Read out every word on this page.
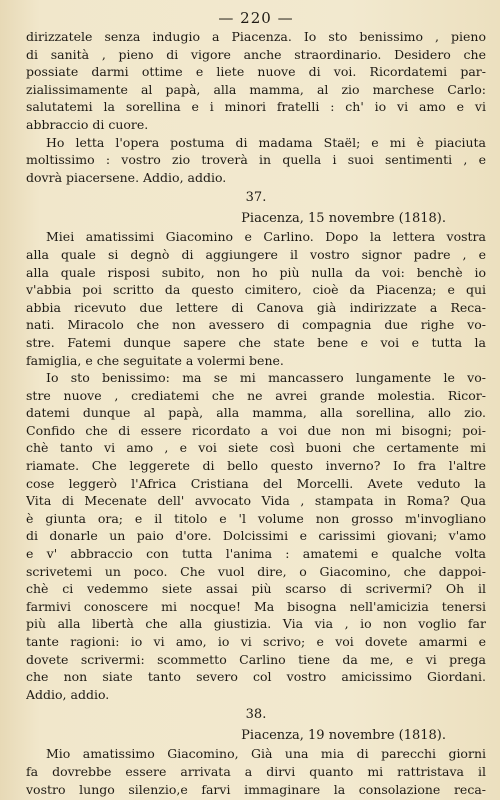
— 220 —
dirizzatele senza indugio a Piacenza. Io sto benissimo , pieno
di sanità , pieno di vigore anche straordinario. Desidero che
possiate darmi ottime e liete nuove di voi. Ricordatemi par-
zialissimamente al papà, alla mamma, al zio marchese Carlo:
salutatemi la sorellina e i minori fratelli : ch' io vi amo e vi
abbraccio di cuore.
Ho letta l'opera postuma di madama Staël; e mi è piaciuta
moltissimo : vostro zio troverà in quella i suoi sentimenti , e
dovrà piacersene. Addio, addio.
37.
Piacenza, 15 novembre (1818).
Miei amatissimi Giacomino e Carlino. Dopo la lettera vostra
alla quale si degnò di aggiungere il vostro signor padre , e
alla quale risposi subito, non ho più nulla da voi: benchè io
v'abbia poi scritto da questo cimitero, cioè da Piacenza; e qui
abbia ricevuto due lettere di Canova già indirizzate a Reca-
nati. Miracolo che non avessero di compagnia due righe vo-
stre. Fatemi dunque sapere che state bene e voi e tutta la
famiglia, e che seguitate a volermi bene.
Io sto benissimo: ma se mi mancassero lungamente le vo-
stre nuove , crediatemi che ne avrei grande molestia. Ricor-
datemi dunque al papà, alla mamma, alla sorellina, allo zio.
Confido che di essere ricordato a voi due non mi bisogni; poi-
chè tanto vi amo , e voi siete così buoni che certamente mi
riamate. Che leggerete di bello questo inverno? Io fra l'altre
cose leggerò l'Africa Cristiana del Morcelli. Avete veduto la
Vita di Mecenate dell' avvocato Vida , stampata in Roma? Qua
è giunta ora; e il titolo e 'l volume non grosso m'invogliano
di donarle un paio d'ore. Dolcissimi e carissimi giovani; v'amo
e v' abbraccio con tutta l'anima : amatemi e qualche volta
scrivetemi un poco. Che vuol dire, o Giacomino, che dappoi-
chè ci vedemmo siete assai più scarso di scrivermi? Oh il
farmivi conoscere mi nocque! Ma bisogna nell'amicizia tenersi
più alla libertà che alla giustizia. Via via , io non voglio far
tante ragioni: io vi amo, io vi scrivo; e voi dovete amarmi e
dovete scrivermi: scommetto Carlino tiene da me, e vi prega
che non siate tanto severo col vostro amicissimo Giordani.
Addio, addio.
38.
Piacenza, 19 novembre (1818).
Mio amatissimo Giacomino, Già una mia di parecchi giorni
fa dovrebbe essere arrivata a dirvi quanto mi rattristava il
vostro lungo silenzio,e farvi immaginare la consolazione reca-
